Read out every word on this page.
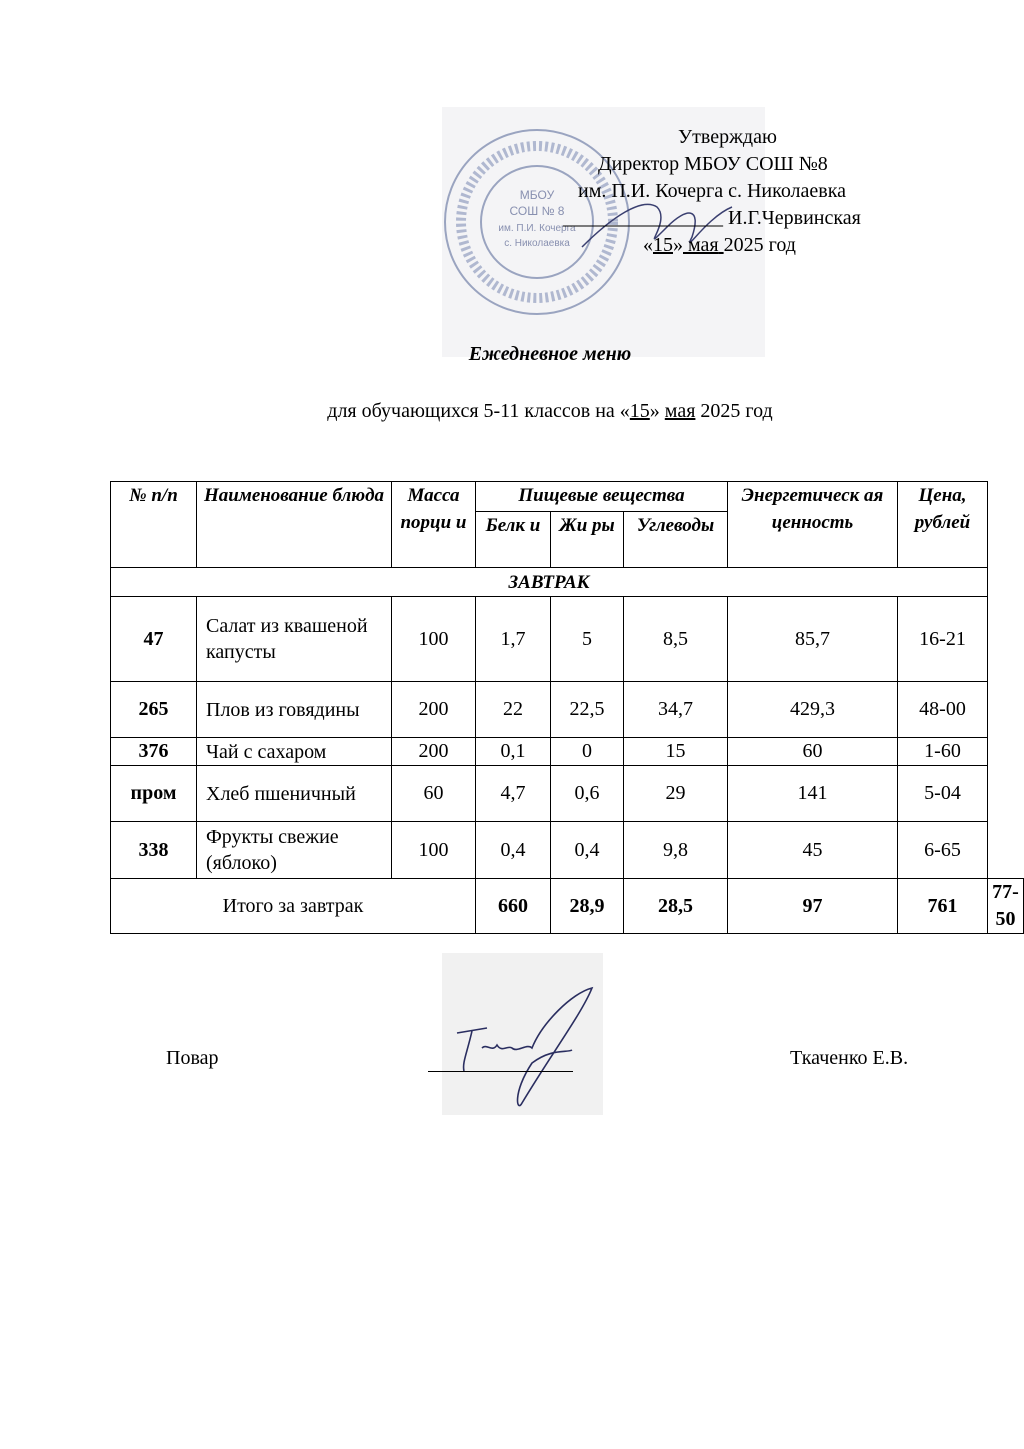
МБОУ
СОШ № 8
им. П.И. Кочерга
с. Николаевка
Утверждаю
Директор МБОУ СОШ №8
им. П.И. Кочерга с. Николаевка
________________ И.Г.Червинская
«15» мая 2025 год
Ежедневное меню
для обучающихся 5-11 классов на «15» мая 2025 год
№ п/п	Наименование блюда	Масса порци и	Пищевые вещества			Энергетическ ая ценность	Цена, рублей	
			Белк и	Жи ры	Углеводы			
ЗАВТРАК								
47	Салат из квашеной капусты	100	1,7	5	8,5	85,7	16-21	
265	Плов из говядины	200	22	22,5	34,7	429,3	48-00	
376	Чай с сахаром	200	0,1	0	15	60	1-60	
пром	Хлеб пшеничный	60	4,7	0,6	29	141	5-04	
338	Фрукты свежие (яблоко)	100	0,4	0,4	9,8	45	6-65	
Итого за завтрак			660	28,9	28,5	97	761	77-50
Повар	Ткаченко Е.В.
